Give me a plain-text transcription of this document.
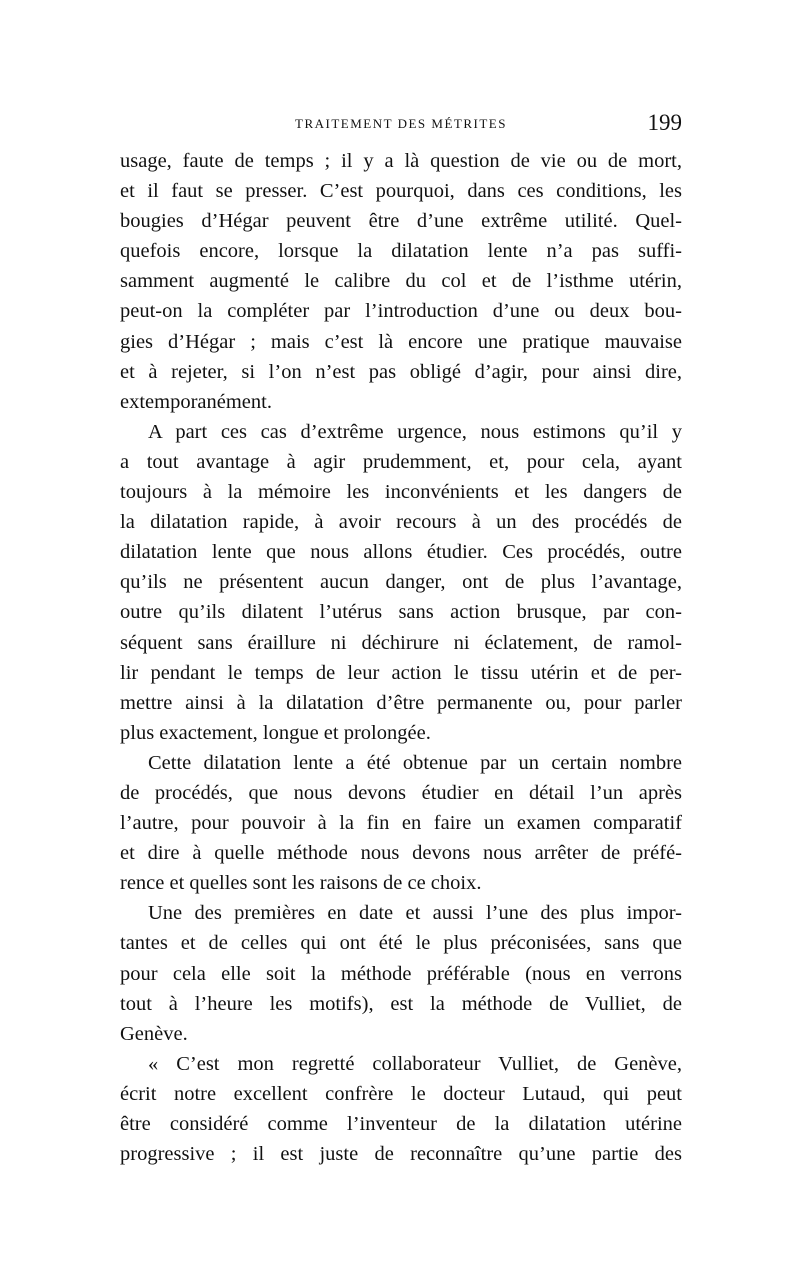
TRAITEMENT DES MÉTRITES	199
usage, faute de temps ; il y a là question de vie ou de mort,
et il faut se presser. C’est pourquoi, dans ces conditions, les
bougies d’Hégar peuvent être d’une extrême utilité. Quel-
quefois encore, lorsque la dilatation lente n’a pas suffi-
samment augmenté le calibre du col et de l’isthme utérin,
peut-on la compléter par l’introduction d’une ou deux bou-
gies d’Hégar ; mais c’est là encore une pratique mauvaise
et à rejeter, si l’on n’est pas obligé d’agir, pour ainsi dire,
extemporanément.
A part ces cas d’extrême urgence, nous estimons qu’il y
a tout avantage à agir prudemment, et, pour cela, ayant
toujours à la mémoire les inconvénients et les dangers de
la dilatation rapide, à avoir recours à un des procédés de
dilatation lente que nous allons étudier. Ces procédés, outre
qu’ils ne présentent aucun danger, ont de plus l’avantage,
outre qu’ils dilatent l’utérus sans action brusque, par con-
séquent sans éraillure ni déchirure ni éclatement, de ramol-
lir pendant le temps de leur action le tissu utérin et de per-
mettre ainsi à la dilatation d’être permanente ou, pour parler
plus exactement, longue et prolongée.
Cette dilatation lente a été obtenue par un certain nombre
de procédés, que nous devons étudier en détail l’un après
l’autre, pour pouvoir à la fin en faire un examen comparatif
et dire à quelle méthode nous devons nous arrêter de préfé-
rence et quelles sont les raisons de ce choix.
Une des premières en date et aussi l’une des plus impor-
tantes et de celles qui ont été le plus préconisées, sans que
pour cela elle soit la méthode préférable (nous en verrons
tout à l’heure les motifs), est la méthode de Vulliet, de
Genève.
« C’est mon regretté collaborateur Vulliet, de Genève,
écrit notre excellent confrère le docteur Lutaud, qui peut
être considéré comme l’inventeur de la dilatation utérine
progressive ; il est juste de reconnaître qu’une partie des
